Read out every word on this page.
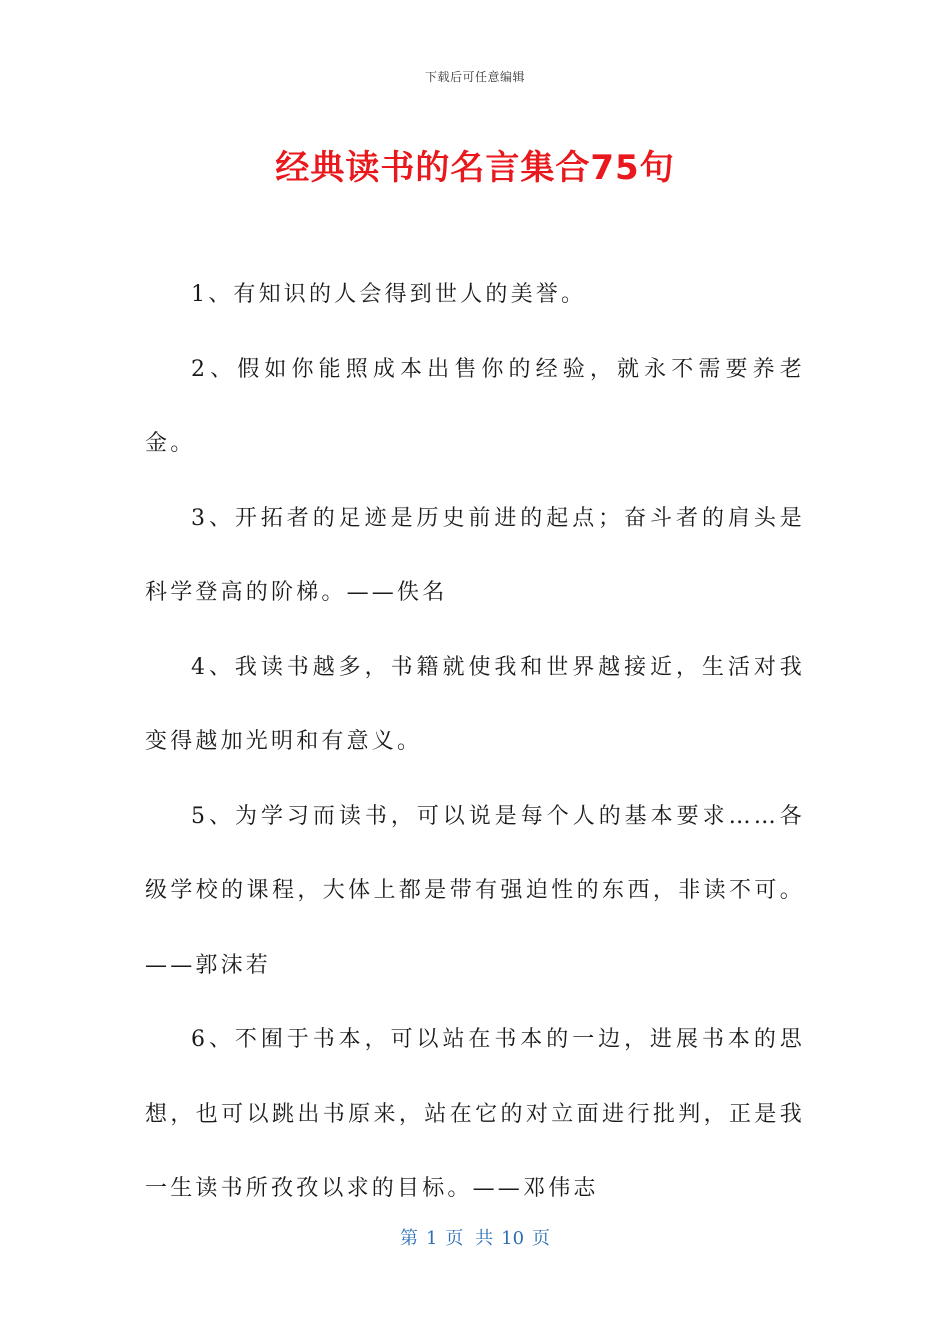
下载后可任意编辑
经典读书的名言集合75句

1、有知识的人会得到世人的美誉。

2、假如你能照成本出售你的经验，就永不需要养老金。

3、开拓者的足迹是历史前进的起点；奋斗者的肩头是科学登高的阶梯。——佚名

4、我读书越多，书籍就使我和世界越接近，生活对我变得越加光明和有意义。

5、为学习而读书，可以说是每个人的基本要求……各级学校的课程，大体上都是带有强迫性的东西，非读不可。——郭沫若

6、不囿于书本，可以站在书本的一边，进展书本的思想，也可以跳出书原来，站在它的对立面进行批判，正是我一生读书所孜孜以求的目标。——邓伟志

第 1 页 共 10 页
